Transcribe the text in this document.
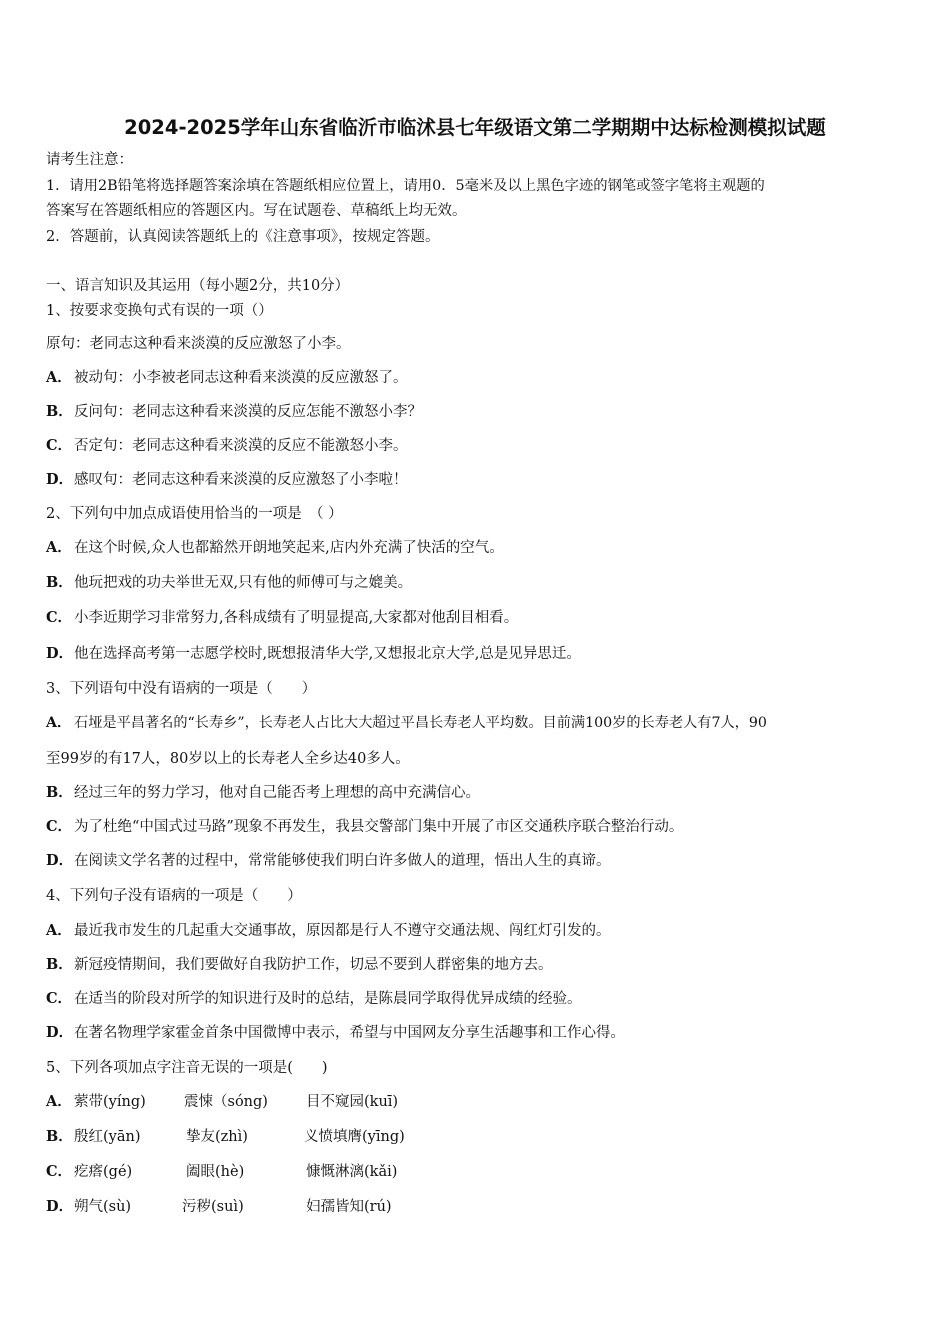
2024-2025学年山东省临沂市临沭县七年级语文第二学期期中达标检测模拟试题
请考生注意：
1．请用2B铅笔将选择题答案涂填在答题纸相应位置上，请用0．5毫米及以上黑色字迹的钢笔或签字笔将主观题的
答案写在答题纸相应的答题区内。写在试题卷、草稿纸上均无效。
2．答题前，认真阅读答题纸上的《注意事项》，按规定答题。
一、语言知识及其运用（每小题2分，共10分）
1、按要求变换句式有误的一项（）
原句：老同志这种看来淡漠的反应激怒了小李。
A． 被动句：小李被老同志这种看来淡漠的反应激怒了。
B．反问句：老同志这种看来淡漠的反应怎能不激怒小李？
C． 否定句：老同志这种看来淡漠的反应不能激怒小李。
D．感叹句：老同志这种看来淡漠的反应激怒了小李啦！
2、下列句中加点成语使用恰当的一项是　（ ）
A． 在这个时候,众人也都豁然开朗地笑起来,店内外充满了快活的空气。
B．他玩把戏的功夫举世无双,只有他的师傅可与之媲美。
C． 小李近期学习非常努力,各科成绩有了明显提高,大家都对他刮目相看。
D．他在选择高考第一志愿学校时,既想报清华大学,又想报北京大学,总是见异思迁。
3、下列语句中没有语病的一项是（　　）
A． 石垭是平昌著名的“长寿乡”，长寿老人占比大大超过平昌长寿老人平均数。目前满100岁的长寿老人有7人，90
至99岁的有17人，80岁以上的长寿老人全乡达40多人。
B．经过三年的努力学习，他对自己能否考上理想的高中充满信心。
C． 为了杜绝“中国式过马路”现象不再发生，我县交警部门集中开展了市区交通秩序联合整治行动。
D．在阅读文学名著的过程中，常常能够使我们明白许多做人的道理，悟出人生的真谛。
4、下列句子没有语病的一项是（　　）
A． 最近我市发生的几起重大交通事故，原因都是行人不遵守交通法规、闯红灯引发的。
B．新冠疫情期间，我们要做好自我防护工作，切忌不要到人群密集的地方去。
C． 在适当的阶段对所学的知识进行及时的总结，是陈晨同学取得优异成绩的经验。
D．在著名物理学家霍金首条中国微博中表示，希望与中国网友分享生活趣事和工作心得。
5、下列各项加点字注音无误的一项是(　　)
A． 萦带(yíng)	震悚（sóng)	目不窥园(kuī)
B．殷红(yān)	挚友(zhì)	义愤填膺(yīng)
C． 疙瘩(gé)	阖眼(hè)	慷慨淋漓(kǎi)
D．朔气(sù)	污秽(suì)	妇孺皆知(rú)
